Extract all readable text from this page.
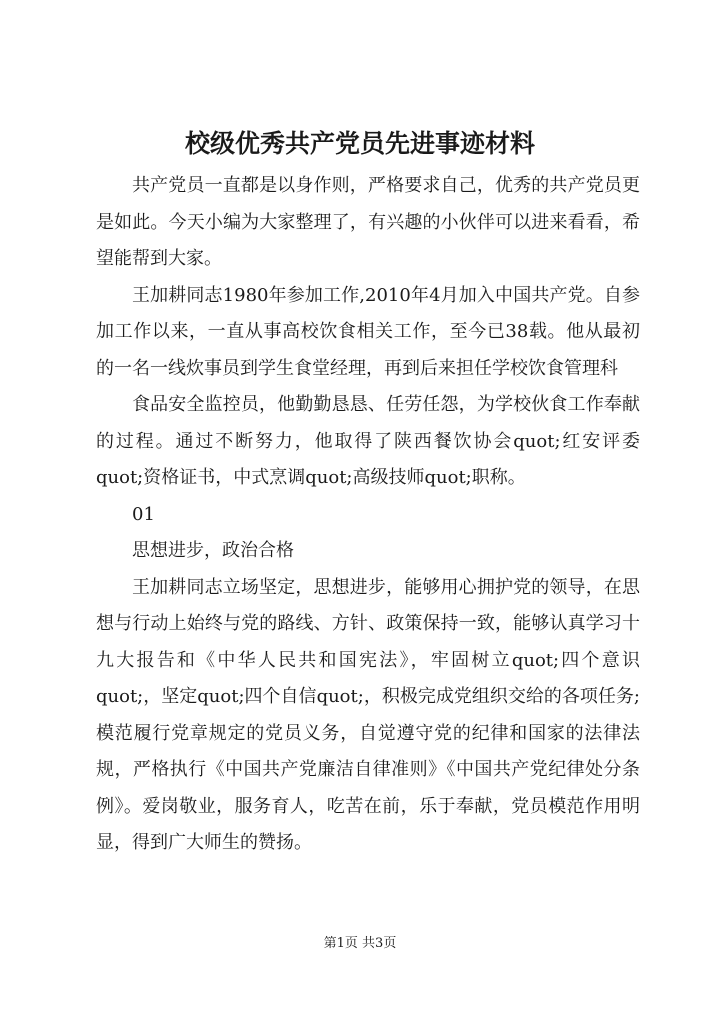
校级优秀共产党员先进事迹材料

共产党员一直都是以身作则，严格要求自己，优秀的共产党员更是如此。今天小编为大家整理了，有兴趣的小伙伴可以进来看看，希望能帮到大家。

王加耕同志1980年参加工作,2010年4月加入中国共产党。自参加工作以来，一直从事高校饮食相关工作，至今已38载。他从最初的一名一线炊事员到学生食堂经理，再到后来担任学校饮食管理科

食品安全监控员，他勤勤恳恳、任劳任怨，为学校伙食工作奉献的过程。通过不断努力，他取得了陕西餐饮协会quot;红安评委quot;资格证书，中式烹调quot;高级技师quot;职称。

01

思想进步，政治合格

王加耕同志立场坚定，思想进步，能够用心拥护党的领导，在思想与行动上始终与党的路线、方针、政策保持一致，能够认真学习十九大报告和《中华人民共和国宪法》，牢固树立quot;四个意识quot;，坚定quot;四个自信quot;，积极完成党组织交给的各项任务;模范履行党章规定的党员义务，自觉遵守党的纪律和国家的法律法规，严格执行《中国共产党廉洁自律准则》《中国共产党纪律处分条例》。爱岗敬业，服务育人，吃苦在前，乐于奉献，党员模范作用明显，得到广大师生的赞扬。

第1页 共3页
